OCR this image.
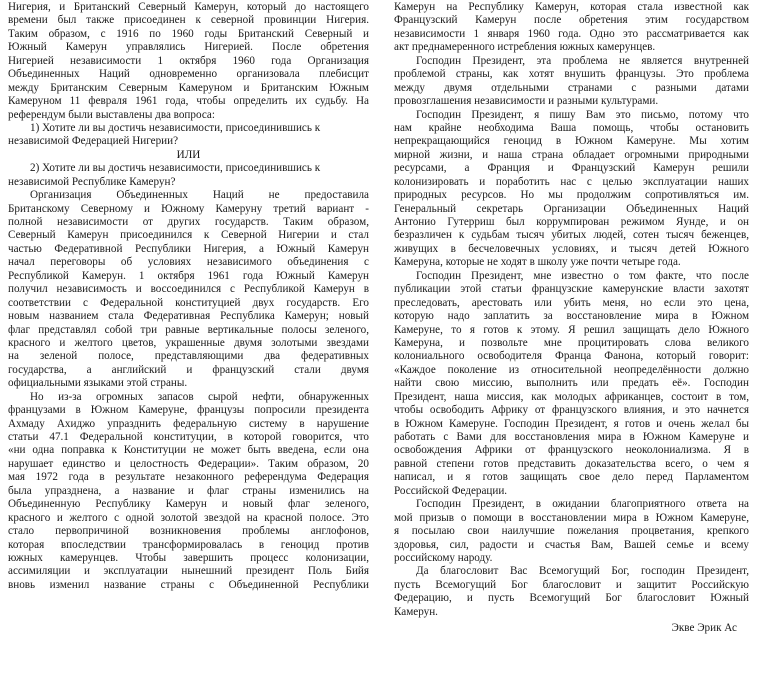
Нигерия, и Британский Северный Камерун, который до настоящего
времени был также присоединен к северной провинции Нигерия.
Таким образом, с 1916 по 1960 годы Британский Северный и
Южный Камерун управлялись Нигерией. После обретения
Нигерией независимости 1 октября 1960 года Организация
Объединенных Наций одновременно организовала плебисцит
между Британским Северным Камеруном и Британским Южным
Камеруном 11 февраля 1961 года, чтобы определить их судьбу. На
референдум были выставлены два вопроса:
1) Хотите ли вы достичь независимости, присоединившись к
независимой Федерацией Нигерии?
ИЛИ
2) Хотите ли вы достичь независимости, присоединившись к
независимой Республике Камерун?
Организация Объединенных Наций не предоставила
Британскому Северному и Южному Камеруну третий вариант -
полной независимости от других государств. Таким образом,
Северный Камерун присоединился к Северной Нигерии и стал
частью Федеративной Республики Нигерия, а Южный Камерун
начал переговоры об условиях независимого объединения с
Республикой Камерун. 1 октября 1961 года Южный Камерун
получил независимость и воссоединился с Республикой Камерун в
соответствии с Федеральной конституцией двух государств. Его
новым названием стала Федеративная Республика Камерун; новый
флаг представлял собой три равные вертикальные полосы зеленого,
красного и желтого цветов, украшенные двумя золотыми звездами
на зеленой полосе, представляющими два федеративных
государства, а английский и французский стали двумя
официальными языками этой страны.
Но из-за огромных запасов сырой нефти, обнаруженных
французами в Южном Камеруне, французы попросили президента
Ахмаду Ахиджо упразднить федеральную систему в нарушение
статьи 47.1 Федеральной конституции, в которой говорится, что
«ни одна поправка к Конституции не может быть введена, если она
нарушает единство и целостность Федерации». Таким образом, 20
мая 1972 года в результате незаконного референдума Федерация
была упразднена, а название и флаг страны изменились на
Объединенную Республику Камерун и новый флаг зеленого,
красного и желтого с одной золотой звездой на красной полосе. Это
стало первопричиной возникновения проблемы англофонов,
которая впоследствии трансформировалась в геноцид против
южных камерунцев. Чтобы завершить процесс колонизации,
ассимиляции и эксплуатации нынешний президент Поль Бийя
вновь изменил название страны с Объединенной Республики
Камерун на Республику Камерун, которая стала известной как
Французский Камерун после обретения этим государством
независимости 1 января 1960 года. Одно это рассматривается как
акт преднамеренного истребления южных камерунцев.
Господин Президент, эта проблема не является внутренней
проблемой страны, как хотят внушить французы. Это проблема
между двумя отдельными странами с разными датами
провозглашения независимости и разными культурами.
Господин Президент, я пишу Вам это письмо, потому что
нам крайне необходима Ваша помощь, чтобы остановить
непрекращающийся геноцид в Южном Камеруне. Мы хотим
мирной жизни, и наша страна обладает огромными природными
ресурсами, а Франция и Французский Камерун решили
колонизировать и поработить нас с целью эксплуатации наших
природных ресурсов. Но мы продолжим сопротивляться им.
Генеральный секретарь Организации Объединенных Наций
Антонио Гутерриш был коррумпирован режимом Яунде, и он
безразличен к судьбам тысяч убитых людей, сотен тысяч беженцев,
живущих в бесчеловечных условиях, и тысяч детей Южного
Камеруна, которые не ходят в школу уже почти четыре года.
Господин Президент, мне известно о том факте, что после
публикации этой статьи французские камерунские власти захотят
преследовать, арестовать или убить меня, но если это цена,
которую надо заплатить за восстановление мира в Южном
Камеруне, то я готов к этому. Я решил защищать дело Южного
Камеруна, и позвольте мне процитировать слова великого
колониального освободителя Франца Фанона, который говорит:
«Каждое поколение из относительной неопределённости должно
найти свою миссию, выполнить или предать её». Господин
Президент, наша миссия, как молодых африканцев, состоит в том,
чтобы освободить Африку от французского влияния, и это начнется
в Южном Камеруне. Господин Президент, я готов и очень желал бы
работать с Вами для восстановления мира в Южном Камеруне и
освобождения Африки от французского неоколониализма. Я в
равной степени готов представить доказательства всего, о чем я
написал, и я готов защищать свое дело перед Парламентом
Российской Федерации.
Господин Президент, в ожидании благоприятного ответа на
мой призыв о помощи в восстановлении мира в Южном Камеруне,
я посылаю свои наилучшие пожелания процветания, крепкого
здоровья, сил, радости и счастья Вам, Вашей семье и всему
российскому народу.
Да благословит Вас Всемогущий Бог, господин Президент,
пусть Всемогущий Бог благословит и защитит Российскую
Федерацию, и пусть Всемогущий Бог благословит Южный
Камерун.
Экве Эрик Ас
